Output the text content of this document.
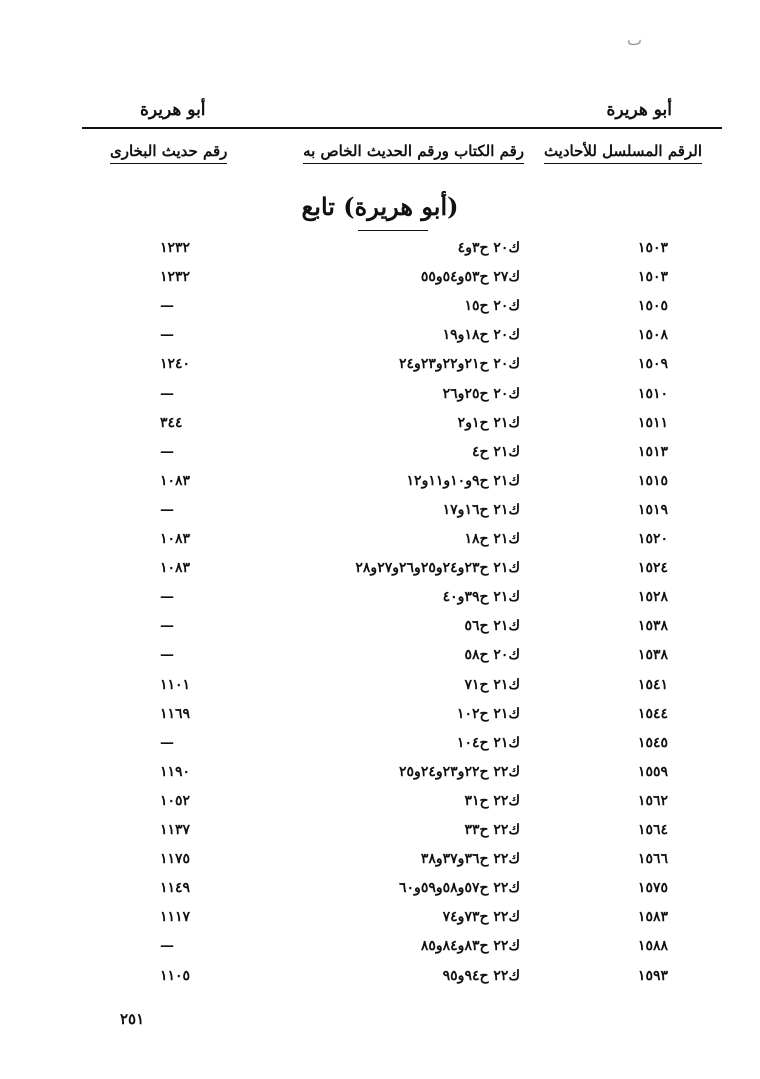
ٮ
أبو هريرة
أبو هريرة
الرقم المسلسل للأحاديث
رقم الكتاب ورقم الحديث الخاص به
رقم حديث البخارى
(أبو هريرة) تابع
١٥٠٣
ك٢٠ ح٣و٤
١٢٣٢
١٥٠٣
ك٢٧ ح٥٣و٥٤و٥٥
١٢٣٢
١٥٠٥
ك٢٠ ح١٥
—
١٥٠٨
ك٢٠ ح١٨و١٩
—
١٥٠٩
ك٢٠ ح٢١و٢٢و٢٣و٢٤
١٢٤٠
١٥١٠
ك٢٠ ح٢٥و٢٦
—
١٥١١
ك٢١ ح١و٢
٣٤٤
١٥١٣
ك٢١ ح٤
—
١٥١٥
ك٢١ ح٩و١٠و١١و١٢
١٠٨٣
١٥١٩
ك٢١ ح١٦و١٧
—
١٥٢٠
ك٢١ ح١٨
١٠٨٣
١٥٢٤
ك٢١ ح٢٣و٢٤و٢٥و٢٦و٢٧و٢٨
١٠٨٣
١٥٢٨
ك٢١ ح٣٩و٤٠
—
١٥٣٨
ك٢١ ح٥٦
—
١٥٣٨
ك٢٠ ح٥٨
—
١٥٤١
ك٢١ ح٧١
١١٠١
١٥٤٤
ك٢١ ح١٠٢
١١٦٩
١٥٤٥
ك٢١ ح١٠٤
—
١٥٥٩
ك٢٢ ح٢٢و٢٣و٢٤و٢٥
١١٩٠
١٥٦٢
ك٢٢ ح٣١
١٠٥٢
١٥٦٤
ك٢٢ ح٣٣
١١٣٧
١٥٦٦
ك٢٢ ح٣٦و٣٧و٣٨
١١٧٥
١٥٧٥
ك٢٢ ح٥٧و٥٨و٥٩و٦٠
١١٤٩
١٥٨٣
ك٢٢ ح٧٣و٧٤
١١١٧
١٥٨٨
ك٢٢ ح٨٣و٨٤و٨٥
—
١٥٩٣
ك٢٢ ح٩٤و٩٥
١١٠٥
٢٥١
